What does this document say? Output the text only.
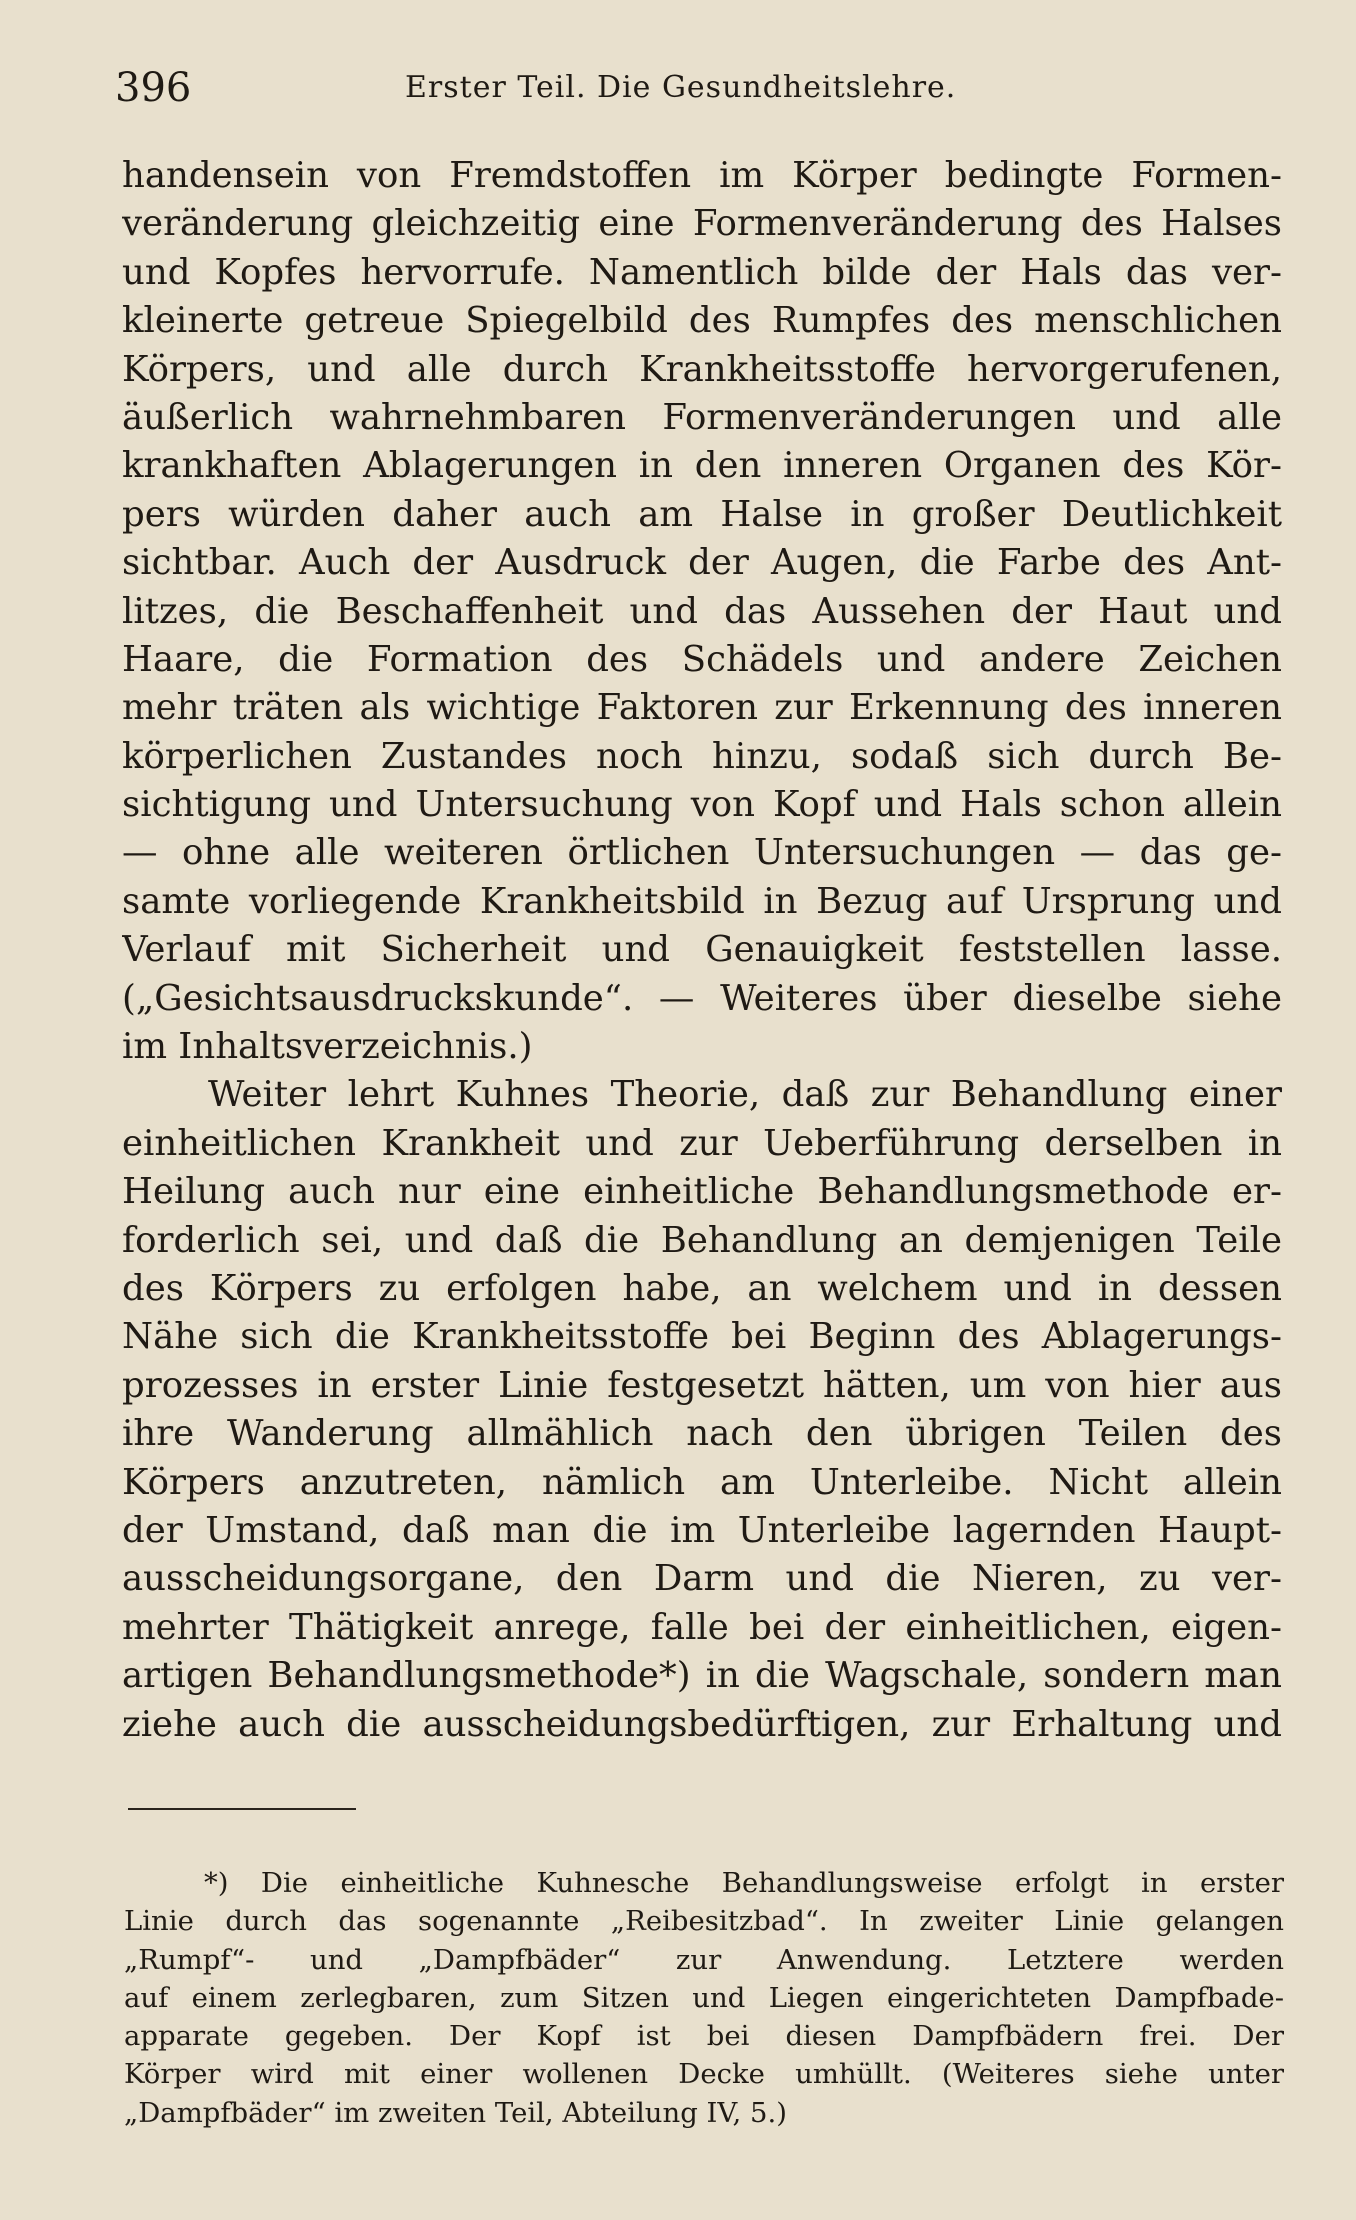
396	Erster Teil. Die Gesundheitslehre.
handensein von Fremdstoffen im Körper bedingte Formen-
veränderung gleichzeitig eine Formenveränderung des Halses
und Kopfes hervorrufe. Namentlich bilde der Hals das ver-
kleinerte getreue Spiegelbild des Rumpfes des menschlichen
Körpers, und alle durch Krankheitsstoffe hervorgerufenen,
äußerlich wahrnehmbaren Formenveränderungen und alle
krankhaften Ablagerungen in den inneren Organen des Kör-
pers würden daher auch am Halse in großer Deutlichkeit
sichtbar. Auch der Ausdruck der Augen, die Farbe des Ant-
litzes, die Beschaffenheit und das Aussehen der Haut und
Haare, die Formation des Schädels und andere Zeichen
mehr träten als wichtige Faktoren zur Erkennung des inneren
körperlichen Zustandes noch hinzu, sodaß sich durch Be-
sichtigung und Untersuchung von Kopf und Hals schon allein
— ohne alle weiteren örtlichen Untersuchungen — das ge-
samte vorliegende Krankheitsbild in Bezug auf Ursprung und
Verlauf mit Sicherheit und Genauigkeit feststellen lasse.
(„Gesichtsausdruckskunde“. — Weiteres über dieselbe siehe
im Inhaltsverzeichnis.)
Weiter lehrt Kuhnes Theorie, daß zur Behandlung einer
einheitlichen Krankheit und zur Ueberführung derselben in
Heilung auch nur eine einheitliche Behandlungsmethode er-
forderlich sei, und daß die Behandlung an demjenigen Teile
des Körpers zu erfolgen habe, an welchem und in dessen
Nähe sich die Krankheitsstoffe bei Beginn des Ablagerungs-
prozesses in erster Linie festgesetzt hätten, um von hier aus
ihre Wanderung allmählich nach den übrigen Teilen des
Körpers anzutreten, nämlich am Unterleibe. Nicht allein
der Umstand, daß man die im Unterleibe lagernden Haupt-
ausscheidungsorgane, den Darm und die Nieren, zu ver-
mehrter Thätigkeit anrege, falle bei der einheitlichen, eigen-
artigen Behandlungsmethode*) in die Wagschale, sondern man
ziehe auch die ausscheidungsbedürftigen, zur Erhaltung und
*) Die einheitliche Kuhnesche Behandlungsweise erfolgt in erster
Linie durch das sogenannte „Reibesitzbad“. In zweiter Linie gelangen
„Rumpf“- und „Dampfbäder“ zur Anwendung. Letztere werden
auf einem zerlegbaren, zum Sitzen und Liegen eingerichteten Dampfbade-
apparate gegeben. Der Kopf ist bei diesen Dampfbädern frei. Der
Körper wird mit einer wollenen Decke umhüllt. (Weiteres siehe unter
„Dampfbäder“ im zweiten Teil, Abteilung IV, 5.)
